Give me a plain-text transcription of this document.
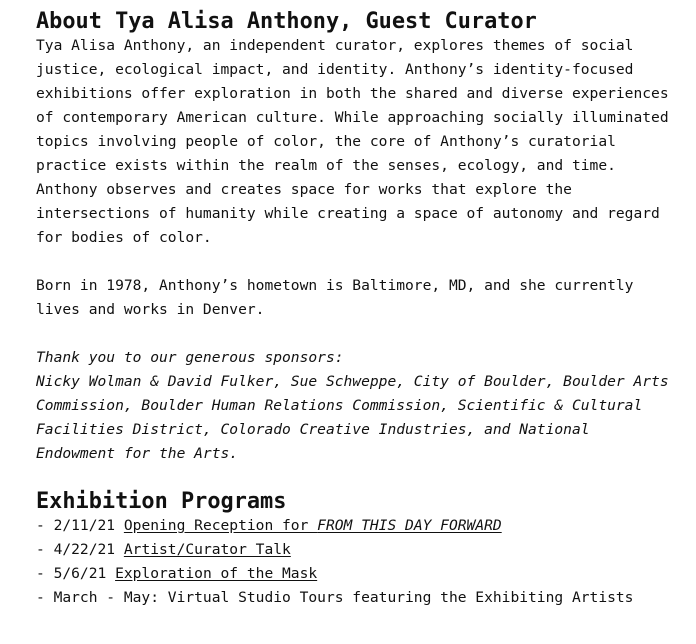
About Tya Alisa Anthony, Guest Curator

Tya Alisa Anthony, an independent curator, explores themes of social justice, ecological impact, and identity. Anthony’s identity-focused exhibitions offer exploration in both the shared and diverse experiences of contemporary American culture. While approaching socially illuminated topics involving people of color, the core of Anthony’s curatorial practice exists within the realm of the senses, ecology, and time. Anthony observes and creates space for works that explore the intersections of humanity while creating a space of autonomy and regard for bodies of color.

Born in 1978, Anthony’s hometown is Baltimore, MD, and she currently lives and works in Denver.

Thank you to our generous sponsors:

Nicky Wolman & David Fulker, Sue Schweppe, City of Boulder, Boulder Arts Commission, Boulder Human Relations Commission, Scientific & Cultural Facilities District, Colorado Creative Industries, and National Endowment for the Arts.

Exhibition Programs
- 2/11/21 Opening Reception for FROM THIS DAY FORWARD
- 4/22/21 Artist/Curator Talk
- 5/6/21 Exploration of the Mask
- March - May: Virtual Studio Tours featuring the Exhibiting Artists
